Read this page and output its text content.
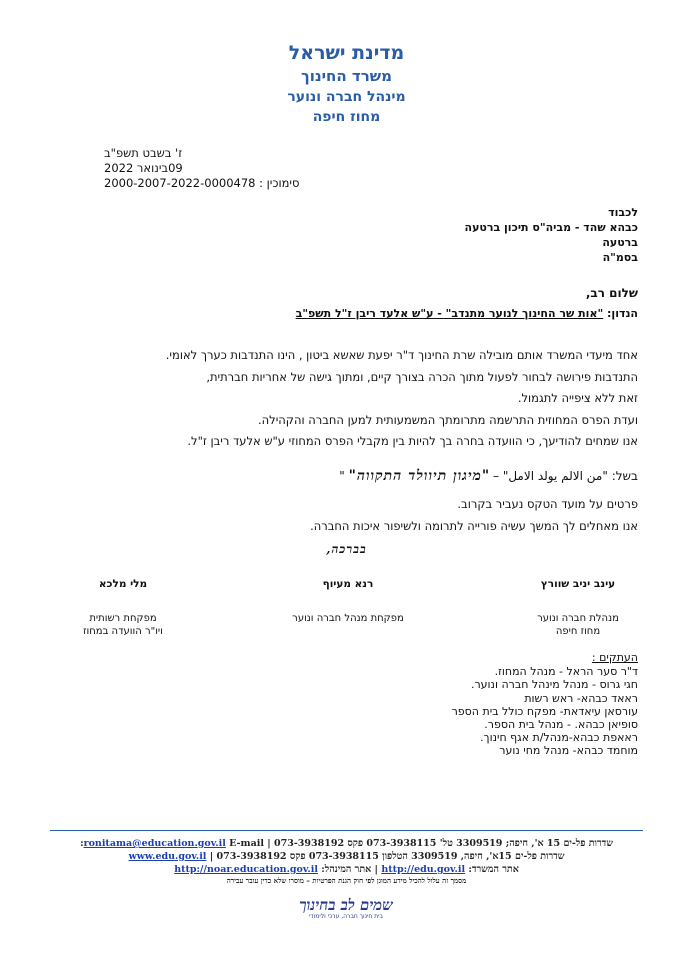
מדינת ישראל
משרד החינוך
מינהל חברה ונוער
מחוז חיפה
ז' בשבט תשפ"ב
09בינואר 2022
סימוכין : 2000-2007-2022-0000478
לכבוד
כבהא שהד - מביה"ס תיכון ברטעה
ברטעה
בסמ"ה
שלום רב,
הנדון: "אות שר החינוך לנוער מתנדב" - ע"ש אלעד ריבן ז"ל תשפ"ב

אחד מיעדי המשרד אותם מובילה שרת החינוך ד"ר יפעת שאשא ביטון , הינו התנדבות כערך לאומי.

התנדבות פירושה לבחור לפעול מתוך הכרה בצורך קיים, ומתוך גישה של אחריות חברתית,

זאת ללא ציפייה לתגמול.

ועדת הפרס המחוזית התרשמה מתרומתך המשמעותית למען החברה והקהילה.

אנו שמחים להודיעך, כי הוועדה בחרה בך להיות בין מקבלי הפרס המחוזי ע"ש אלעד ריבן ז"ל.

בשל: "من الالم يولد الامل" – "מיגון תיוולד התקווה" "

פרטים על מועד הטקס נעביר בקרוב.

אנו מאחלים לך המשך עשיה פורייה לתרומה ולשיפור איכות החברה.

בברכה,
עינב יניב שוורץ
מנהלת חברה ונוער
מחוז חיפה
רנא מעיוף
מפקחת מנהל חברה ונוער
מלי מלכא
מפקחת רשותית
ויו"ר הוועדה במחוז
העתקים :
ד"ר סער הראל - מנהל המחוז.
חגי גרוס - מנהל מינהל חברה ונוער.
ראאד כבהא- ראש רשות
עורסאן עיאדאת- מפקח כולל בית הספר
סופיאן כבהא. - מנהל בית הספר.
ראאפת כבהא-מנהל/ת אגף חינוך.
מוחמד כבהא- מנהל מחי נוער
שדרות פל-ים 15 א', חיפה; 3309519 טל' 073-3938115 פקס 073-3938192 | ronitama@education.gov.il E-mail:
שדרות פל-ים 15א', חיפה, 3309519 הטלפון 073-3938115 פקס 073-3938192 | www.edu.gov.il
אתר המשרד: http://edu.gov.il | אתר המינהל: http://noar.education.gov.il
מסמך זה עלול להכיל מידע המוגן לפי חוק הגנת הפרטיות – מוסרו שלא כדין עובר עבירה
שמים לב בחינוך
בית חינוך חברה, ערכי ולימודי
